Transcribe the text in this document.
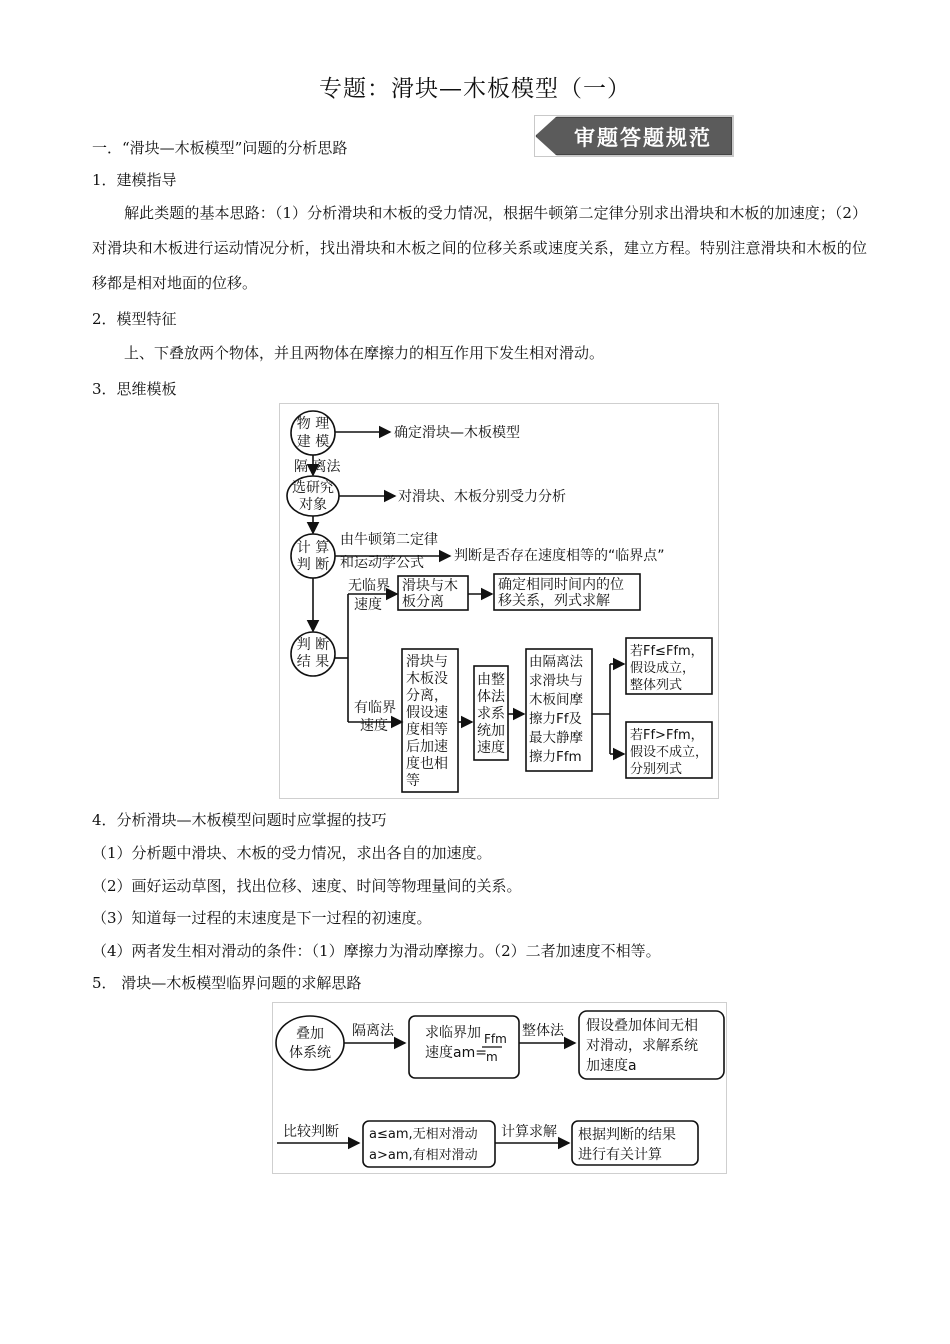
专题：滑块—木板模型（一）
审题答题规范
一．“滑块—木板模型”问题的分析思路
1．建模指导
解此类题的基本思路：（1）分析滑块和木板的受力情况，根据牛顿第二定律分别求出滑块和木板的加速度；（2）对滑块和木板进行运动情况分析，找出滑块和木板之间的位移关系或速度关系，建立方程。特别注意滑块和木板的位移都是相对地面的位移。
2．模型特征
上、下叠放两个物体，并且两物体在摩擦力的相互作用下发生相对滑动。
3．思维模板
物 理
建 模
确定滑块—木板模型
隔 离法
选研究
对象	对滑块、木板分别受力分析
计 算
判 断
由牛顿第二定律
和运动学公式 判断是否存在速度相等的“临界点”
判 断
结 果
无临界
速度
滑块与木
板分离
确定相同时间内的位
移关系，列式求解
有临界
速度
滑块与 木板没 分离， 假设速 度相等 后加速 度也相 等
由整 体法 求系 统加 速度
由隔离法 求滑块与 木板间摩 擦力Ff及 最大静摩 擦力Ffm
若Ff≤Ffm， 假设成立， 整体列式
若Ff>Ffm， 假设不成立， 分别列式
4．分析滑块—木板模型问题时应掌握的技巧
（1）分析题中滑块、木板的受力情况，求出各自的加速度。
（2）画好运动草图，找出位移、速度、时间等物理量间的关系。
（3）知道每一过程的末速度是下一过程的初速度。
（4）两者发生相对滑动的条件：（1）摩擦力为滑动摩擦力。（2）二者加速度不相等。
5． 滑块—木板模型临界问题的求解思路
叠加
体系统
隔离法 求临界加
速度am=
Ffm
m
整体法 假设叠加体间无相
对滑动，求解系统
加速度a
比较判断 a≤am,无相对滑动
a>am,有相对滑动
计算求解 根据判断的结果
进行有关计算
